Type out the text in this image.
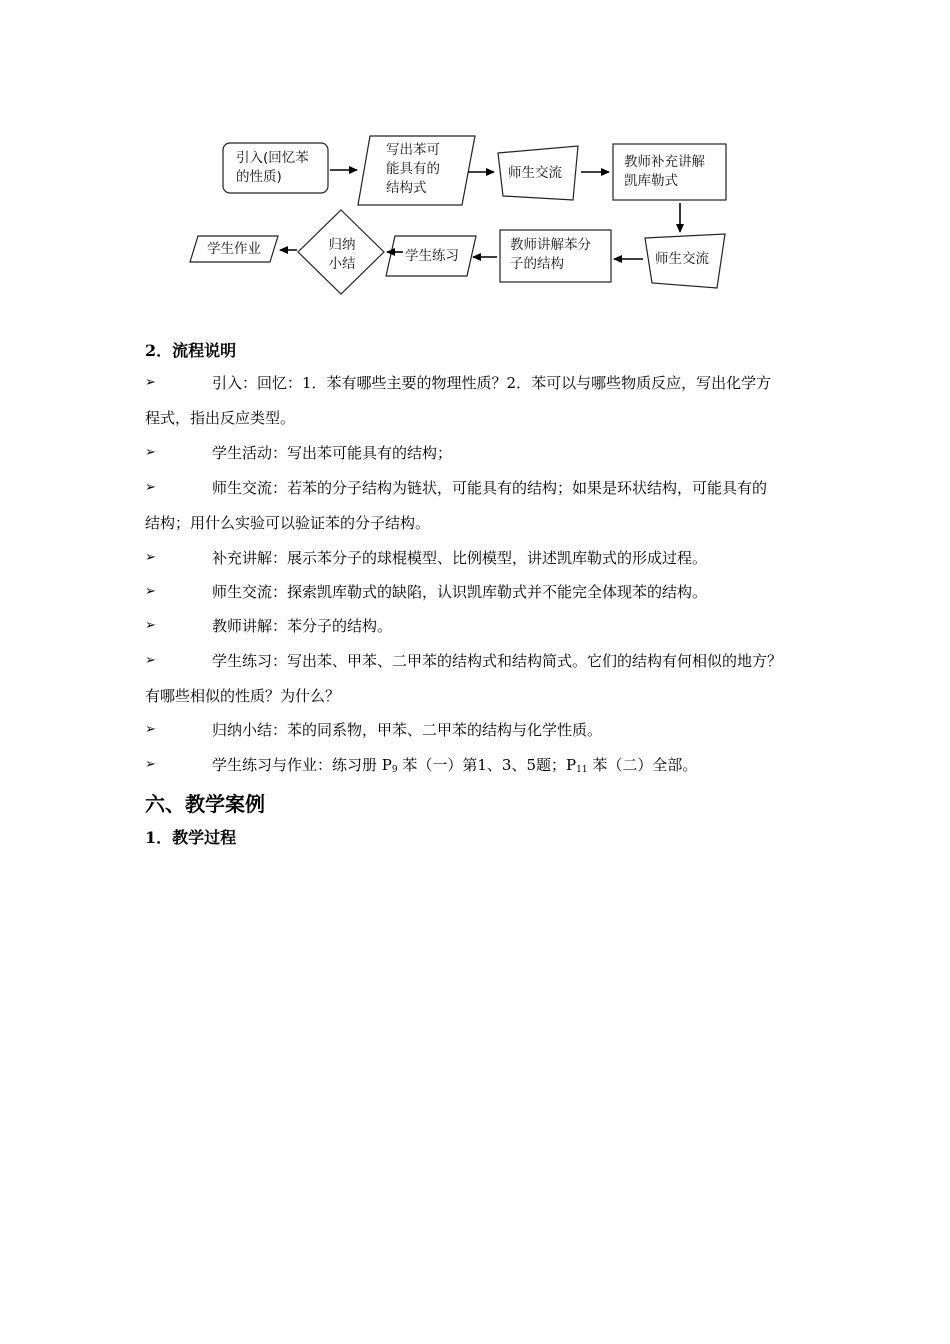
引入(回忆苯
的性质)
写出苯可
能具有的
结构式
师生交流
教师补充讲解
凯库勒式
师生交流
教师讲解苯分
子的结构
学生练习
归纳
小结
学生作业
2．流程说明
➢	引入：回忆：1．苯有哪些主要的物理性质？2．苯可以与哪些物质反应，写出化学方
程式，指出反应类型。
➢	学生活动：写出苯可能具有的结构；
➢	师生交流：若苯的分子结构为链状，可能具有的结构；如果是环状结构，可能具有的
结构；用什么实验可以验证苯的分子结构。
➢	补充讲解：展示苯分子的球棍模型、比例模型，讲述凯库勒式的形成过程。
➢	师生交流：探索凯库勒式的缺陷，认识凯库勒式并不能完全体现苯的结构。
➢	教师讲解：苯分子的结构。
➢	学生练习：写出苯、甲苯、二甲苯的结构式和结构简式。它们的结构有何相似的地方？
有哪些相似的性质？为什么？
➢	归纳小结：苯的同系物，甲苯、二甲苯的结构与化学性质。
➢	学生练习与作业：练习册 $P_9$ 苯（一）第1、3、5题；$P_{11}$ 苯（二）全部。
六、教学案例
1．教学过程
